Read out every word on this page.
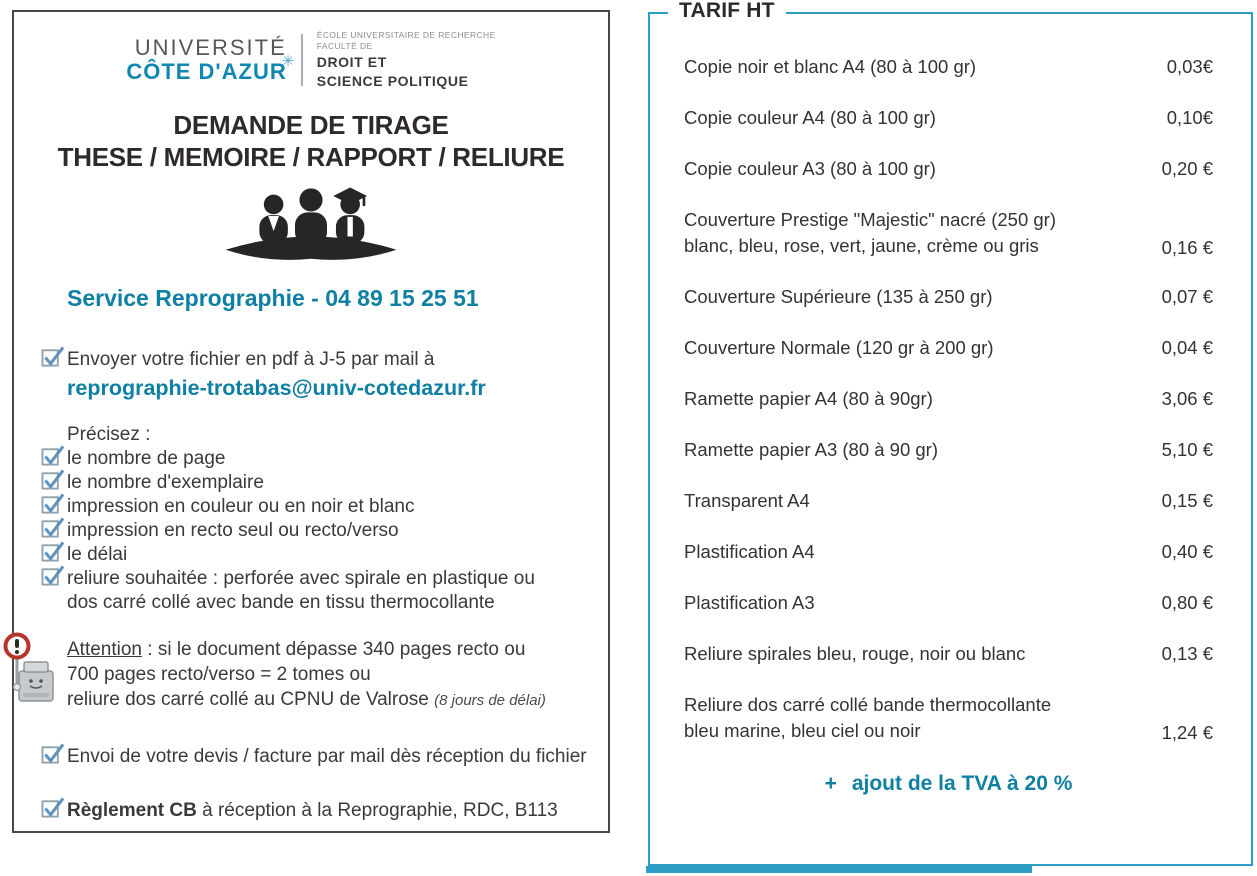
UNIVERSITÉ
CÔTE D'AZUR
✳
ÉCOLE UNIVERSITAIRE DE RECHERCHE
FACULTÉ DE
DROIT ET
SCIENCE POLITIQUE
DEMANDE DE TIRAGE
THESE / MEMOIRE / RAPPORT / RELIURE
Service Reprographie - 04 89 15 25 51
Envoyer votre fichier en pdf à J-5 par mail à
reprographie-trotabas@univ-cotedazur.fr
Précisez :
le nombre de page
le nombre d'exemplaire
impression en couleur ou en noir et blanc
impression en recto seul ou recto/verso
le délai
reliure souhaitée : perforée avec spirale en plastique ou
dos carré collé avec bande en tissu thermocollante
Attention : si le document dépasse 340 pages recto ou
700 pages recto/verso = 2 tomes ou
reliure dos carré collé au CPNU de Valrose (8 jours de délai)
Envoi de votre devis / facture par mail dès réception du fichier
Règlement CB à réception à la Reprographie, RDC, B113
TARIF HT
Copie noir et blanc A4 (80 à 100 gr)	0,03€
Copie couleur A4 (80 à 100 gr)	0,10€
Copie couleur A3 (80 à 100 gr)	0,20 €
Couverture Prestige "Majestic" nacré (250 gr)
blanc, bleu, rose, vert, jaune, crème ou gris	0,16 €
Couverture Supérieure (135 à 250 gr)	0,07 €
Couverture Normale (120 gr à 200 gr)	0,04 €
Ramette papier A4 (80 à 90gr)	3,06 €
Ramette papier A3 (80 à 90 gr)	5,10 €
Transparent A4	0,15 €
Plastification A4	0,40 €
Plastification A3	0,80 €
Reliure spirales bleu, rouge, noir ou blanc	0,13 €
Reliure dos carré collé bande thermocollante
bleu marine, bleu ciel ou noir	1,24 €
+ ajout de la TVA à 20 %
